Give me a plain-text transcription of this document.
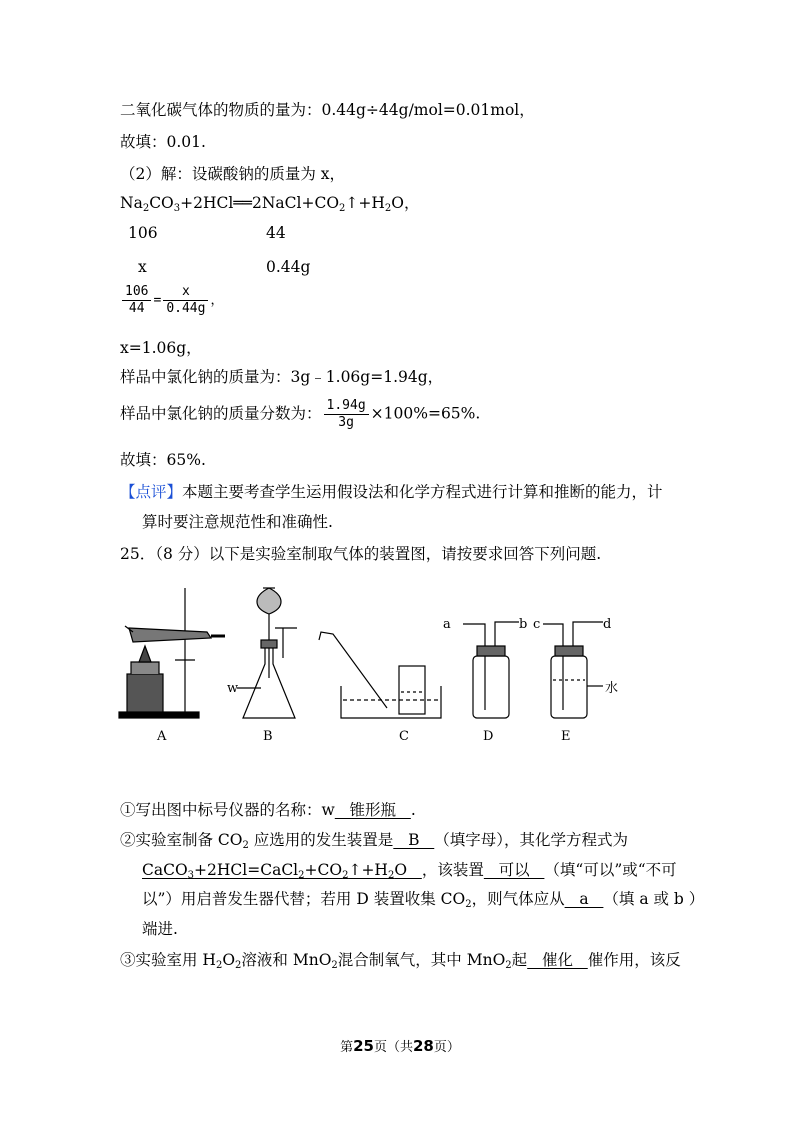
二氧化碳气体的物质的量为：0.44g÷44g/mol=0.01mol，
故填：0.01.
（2）解：设碳酸钠的质量为 x，
$Na_2CO_3+2HCl══2NaCl+CO_2↑+H_2O$，
106	44
x	0.44g
$\frac{106}{44} = \frac{x}{0.44g}$ ，
x=1.06g，
样品中氯化钠的质量为：3g﹣1.06g=1.94g，
样品中氯化钠的质量分数为： $\frac{1.94g}{3g} \times 100\%=65\%$.
故填：65%.
【点评】本题主要考查学生运用假设法和化学方程式进行计算和推断的能力，计
算时要注意规范性和准确性.
25．（8 分）以下是实验室制取气体的装置图，请按要求回答下列问题.
A	B	C	D	E
w
a	b c	d
水
①写出图中标号仪器的名称：w   锥形瓶   .
②实验室制备 $CO_2$ 应选用的发生装置是   B   （填字母），其化学方程式为
$CaCO_3+2HCl=CaCl_2+CO_2↑+H_2O$   ，该装置   可以   （填“可以”或“不可
以”）用启普发生器代替；若用 D 装置收集 $CO_2$，则气体应从   a   （填 a 或 b ）
端进.
③实验室用 $H_2O_2$溶液和 MnO$_2$混合制氧气，其中 MnO$_2$起   催化   催作用，该反
第25页（共28页）
